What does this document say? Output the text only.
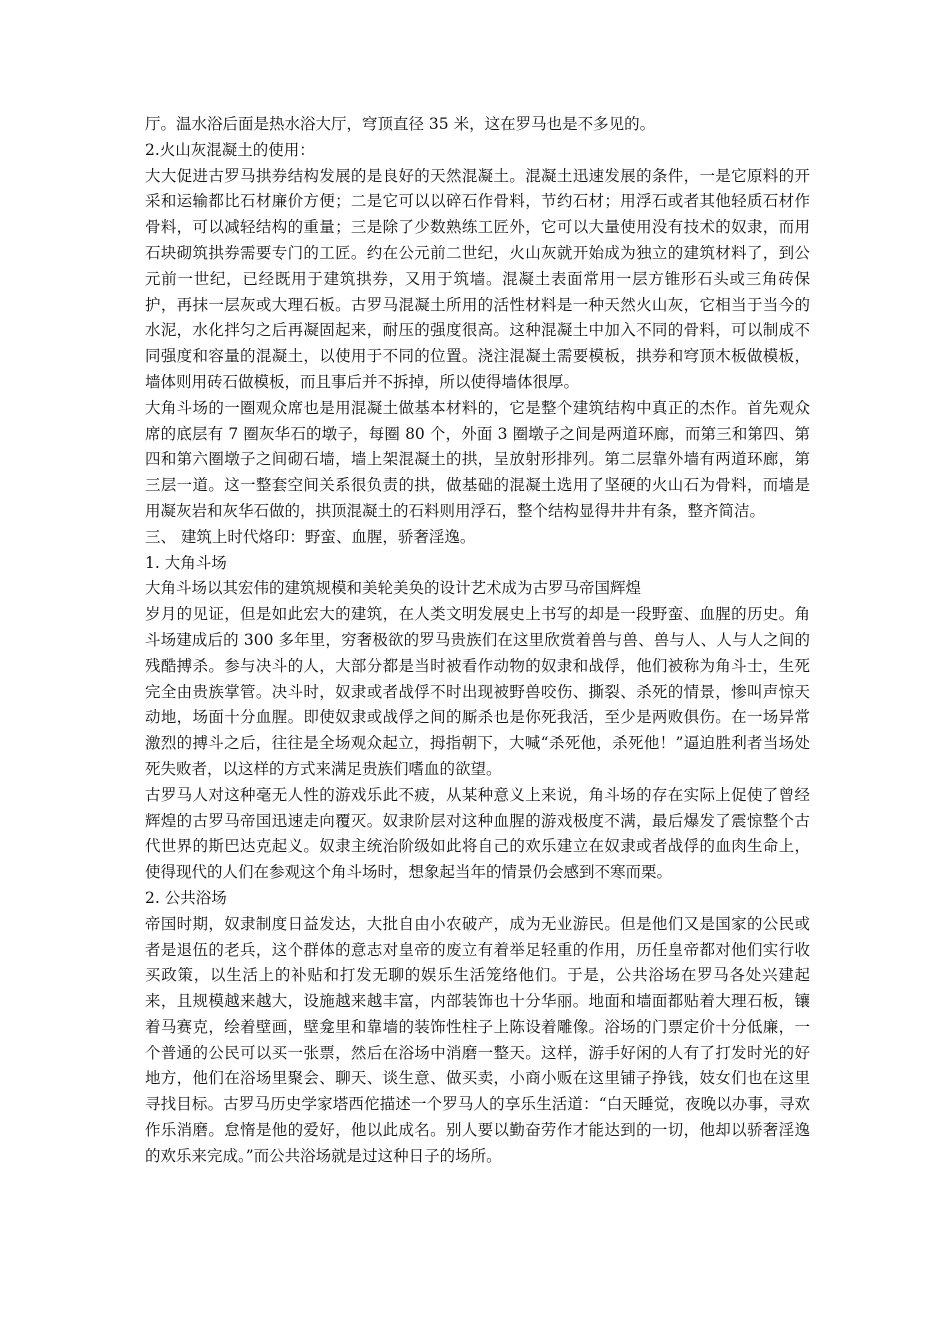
厅。温水浴后面是热水浴大厅，穹顶直径 35 米，这在罗马也是不多见的。

2.火山灰混凝土的使用：

大大促进古罗马拱券结构发展的是良好的天然混凝土。混凝土迅速发展的条件，一是它原料的开采和运输都比石材廉价方便；二是它可以以碎石作骨料，节约石材；用浮石或者其他轻质石材作骨料，可以减轻结构的重量；三是除了少数熟练工匠外，它可以大量使用没有技术的奴隶，而用石块砌筑拱券需要专门的工匠。约在公元前二世纪，火山灰就开始成为独立的建筑材料了，到公元前一世纪，已经既用于建筑拱券，又用于筑墙。混凝土表面常用一层方锥形石头或三角砖保护，再抹一层灰或大理石板。古罗马混凝土所用的活性材料是一种天然火山灰，它相当于当今的水泥，水化拌匀之后再凝固起来，耐压的强度很高。这种混凝土中加入不同的骨料，可以制成不同强度和容量的混凝土，以使用于不同的位置。浇注混凝土需要模板，拱券和穹顶木板做模板，墙体则用砖石做模板，而且事后并不拆掉，所以使得墙体很厚。

大角斗场的一圈观众席也是用混凝土做基本材料的，它是整个建筑结构中真正的杰作。首先观众席的底层有 7 圈灰华石的墩子，每圈 80 个，外面 3 圈墩子之间是两道环廊，而第三和第四、第四和第六圈墩子之间砌石墙，墙上架混凝土的拱，呈放射形排列。第二层靠外墙有两道环廊，第三层一道。这一整套空间关系很负责的拱，做基础的混凝土选用了坚硬的火山石为骨料，而墙是用凝灰岩和灰华石做的，拱顶混凝土的石料则用浮石，整个结构显得井井有条，整齐简洁。

三、 建筑上时代烙印：野蛮、血腥，骄奢淫逸。

1. 大角斗场

大角斗场以其宏伟的建筑规模和美轮美奂的设计艺术成为古罗马帝国辉煌

岁月的见证，但是如此宏大的建筑，在人类文明发展史上书写的却是一段野蛮、血腥的历史。角斗场建成后的 300 多年里，穷奢极欲的罗马贵族们在这里欣赏着兽与兽、兽与人、人与人之间的残酷搏杀。参与决斗的人，大部分都是当时被看作动物的奴隶和战俘，他们被称为角斗士，生死完全由贵族掌管。决斗时，奴隶或者战俘不时出现被野兽咬伤、撕裂、杀死的情景，惨叫声惊天动地，场面十分血腥。即使奴隶或战俘之间的厮杀也是你死我活，至少是两败俱伤。在一场异常激烈的搏斗之后，往往是全场观众起立，拇指朝下，大喊“杀死他，杀死他！”逼迫胜利者当场处死失败者，以这样的方式来满足贵族们嗜血的欲望。

古罗马人对这种毫无人性的游戏乐此不疲，从某种意义上来说，角斗场的存在实际上促使了曾经辉煌的古罗马帝国迅速走向覆灭。奴隶阶层对这种血腥的游戏极度不满，最后爆发了震惊整个古代世界的斯巴达克起义。奴隶主统治阶级如此将自己的欢乐建立在奴隶或者战俘的血肉生命上，使得现代的人们在参观这个角斗场时，想象起当年的情景仍会感到不寒而栗。

2. 公共浴场

帝国时期，奴隶制度日益发达，大批自由小农破产，成为无业游民。但是他们又是国家的公民或者是退伍的老兵，这个群体的意志对皇帝的废立有着举足轻重的作用，历任皇帝都对他们实行收买政策，以生活上的补贴和打发无聊的娱乐生活笼络他们。于是，公共浴场在罗马各处兴建起来，且规模越来越大，设施越来越丰富，内部装饰也十分华丽。地面和墙面都贴着大理石板，镶着马赛克，绘着壁画，壁龛里和靠墙的装饰性柱子上陈设着雕像。浴场的门票定价十分低廉，一个普通的公民可以买一张票，然后在浴场中消磨一整天。这样，游手好闲的人有了打发时光的好地方，他们在浴场里聚会、聊天、谈生意、做买卖，小商小贩在这里铺子挣钱，妓女们也在这里寻找目标。古罗马历史学家塔西佗描述一个罗马人的享乐生活道：“白天睡觉，夜晚以办事，寻欢作乐消磨。怠惰是他的爱好，他以此成名。别人要以勤奋劳作才能达到的一切，他却以骄奢淫逸的欢乐来完成。”而公共浴场就是过这种日子的场所。
